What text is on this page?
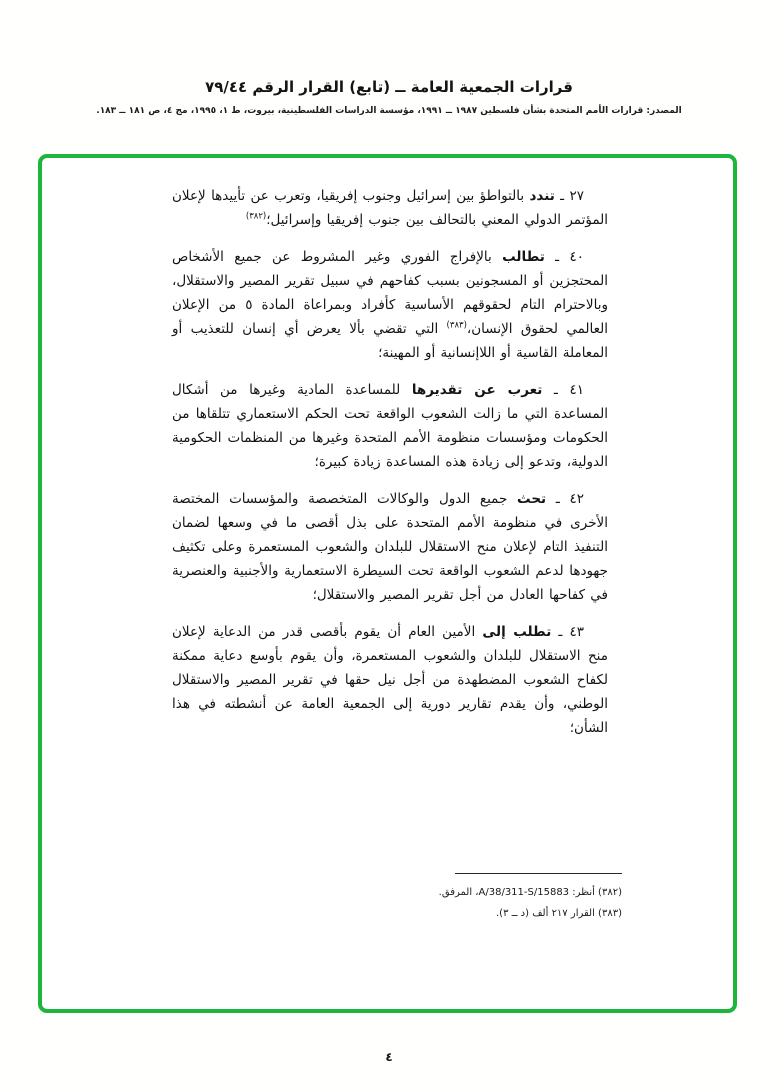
قرارات الجمعية العامة ــ (تابع) القرار الرقم ٧٩/٤٤
المصدر: قرارات الأمم المتحدة بشأن فلسطين ١٩٨٧ ــ ١٩٩١، مؤسسة الدراسات الفلسطينية، بيروت، ط ١، ١٩٩٥، مج ٤، ص ١٨١ ــ ١٨٣.

٢٧ ـ تندد بالتواطؤ بين إسرائيل وجنوب إفريقيا، وتعرب عن تأييدها لإعلان المؤتمر الدولي المعني بالتحالف بين جنوب إفريقيا وإسرائيل؛$^{(٣٨٢)}$

٤٠ ـ تطالب بالإفراج الفوري وغير المشروط عن جميع الأشخاص المحتجزين أو المسجونين بسبب كفاحهم في سبيل تقرير المصير والاستقلال، وبالاحترام التام لحقوقهم الأساسية كأفراد وبمراعاة المادة ٥ من الإعلان العالمي لحقوق الإنسان،$^{(٣٨٣)}$ التي تقضي بألا يعرض أي إنسان للتعذيب أو المعاملة القاسية أو اللاإنسانية أو المهينة؛

٤١ ـ تعرب عن تقديرها للمساعدة المادية وغيرها من أشكال المساعدة التي ما زالت الشعوب الواقعة تحت الحكم الاستعماري تتلقاها من الحكومات ومؤسسات منظومة الأمم المتحدة وغيرها من المنظمات الحكومية الدولية، وتدعو إلى زيادة هذه المساعدة زيادة كبيرة؛

٤٢ ـ تحث جميع الدول والوكالات المتخصصة والمؤسسات المختصة الأخرى في منظومة الأمم المتحدة على بذل أقصى ما في وسعها لضمان التنفيذ التام لإعلان منح الاستقلال للبلدان والشعوب المستعمرة وعلى تكثيف جهودها لدعم الشعوب الواقعة تحت السيطرة الاستعمارية والأجنبية والعنصرية في كفاحها العادل من أجل تقرير المصير والاستقلال؛

٤٣ ـ تطلب إلى الأمين العام أن يقوم بأقصى قدر من الدعاية لإعلان منح الاستقلال للبلدان والشعوب المستعمرة، وأن يقوم بأوسع دعاية ممكنة لكفاح الشعوب المضطهدة من أجل نيل حقها في تقرير المصير والاستقلال الوطني، وأن يقدم تقارير دورية إلى الجمعية العامة عن أنشطته في هذا الشأن؛

(٣٨٢) أنظر: A/38/311-S/15883، المرفق.
(٣٨٣) القرار ٢١٧ ألف (د ــ ٣).
٤
